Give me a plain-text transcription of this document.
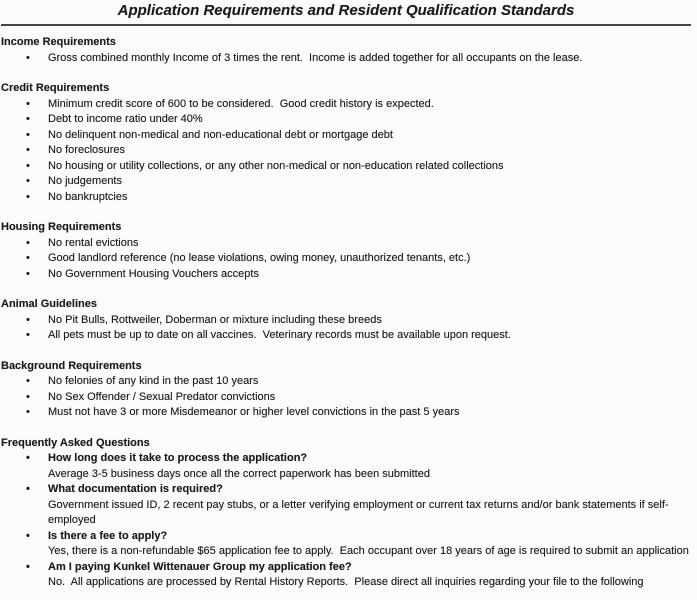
Application Requirements and Resident Qualification Standards
Income Requirements
•	Gross combined monthly Income of 3 times the rent.  Income is added together for all occupants on the lease.
Credit Requirements
•	Minimum credit score of 600 to be considered.  Good credit history is expected.
•	Debt to income ratio under 40%
•	No delinquent non-medical and non-educational debt or mortgage debt
•	No foreclosures
•	No housing or utility collections, or any other non-medical or non-education related collections
•	No judgements
•	No bankruptcies
Housing Requirements
•	No rental evictions
•	Good landlord reference (no lease violations, owing money, unauthorized tenants, etc.)
•	No Government Housing Vouchers accepts
Animal Guidelines
•	No Pit Bulls, Rottweiler, Doberman or mixture including these breeds
•	All pets must be up to date on all vaccines.  Veterinary records must be available upon request.
Background Requirements
•	No felonies of any kind in the past 10 years
•	No Sex Offender / Sexual Predator convictions
•	Must not have 3 or more Misdemeanor or higher level convictions in the past 5 years
Frequently Asked Questions
•	How long does it take to process the application?
Average 3-5 business days once all the correct paperwork has been submitted
•	What documentation is required?
Government issued ID, 2 recent pay stubs, or a letter verifying employment or current tax returns and/or bank statements if self-employed
•	Is there a fee to apply?
Yes, there is a non-refundable $65 application fee to apply.  Each occupant over 18 years of age is required to submit an application
•	Am I paying Kunkel Wittenauer Group my application fee?
No.  All applications are processed by Rental History Reports.  Please direct all inquiries regarding your file to the following
